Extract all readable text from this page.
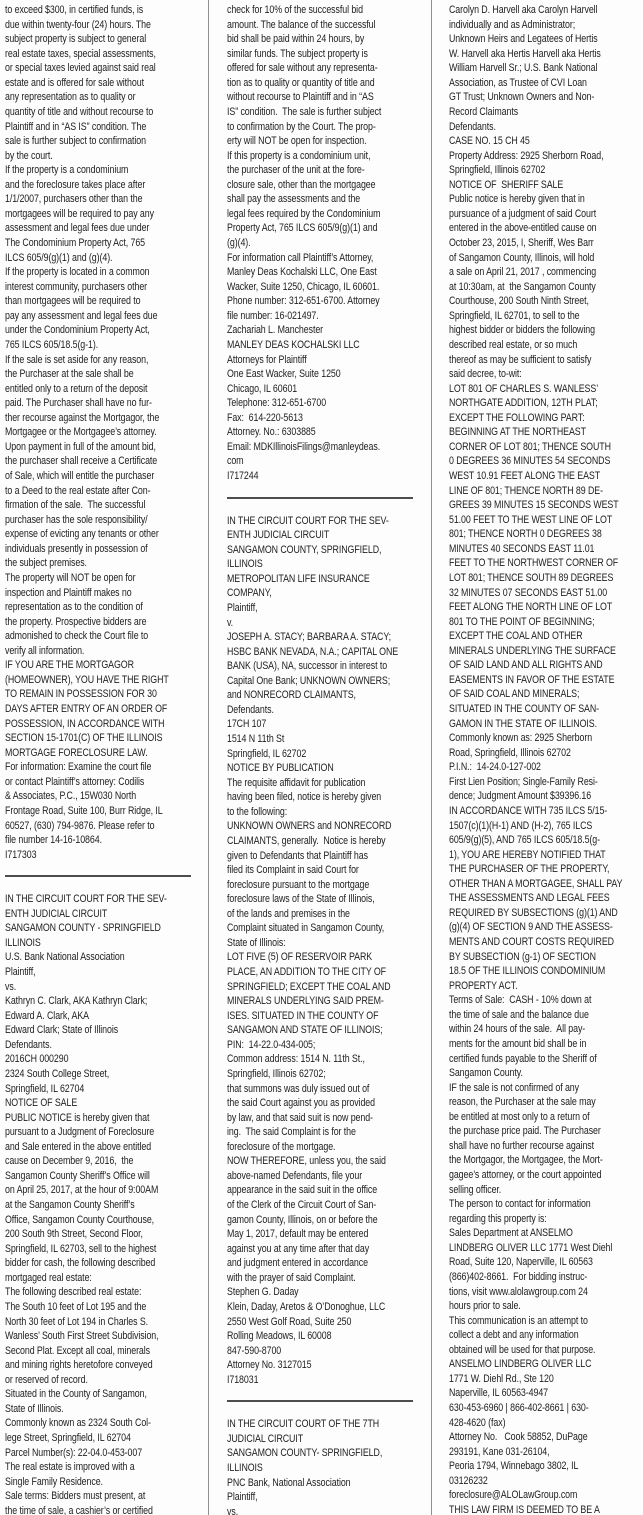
to exceed $300, in certified funds, is
due within twenty-four (24) hours. The
subject property is subject to general
real estate taxes, special assessments,
or special taxes levied against said real
estate and is offered for sale without
any representation as to quality or
quantity of title and without recourse to
Plaintiff and in “AS IS” condition. The
sale is further subject to confirmation
by the court.
If the property is a condominium
and the foreclosure takes place after
1/1/2007, purchasers other than the
mortgagees will be required to pay any
assessment and legal fees due under
The Condominium Property Act, 765
ILCS 605/9(g)(1) and (g)(4).
If the property is located in a common
interest community, purchasers other
than mortgagees will be required to
pay any assessment and legal fees due
under the Condominium Property Act,
765 ILCS 605/18.5(g-1).
If the sale is set aside for any reason,
the Purchaser at the sale shall be
entitled only to a return of the deposit
paid. The Purchaser shall have no fur-
ther recourse against the Mortgagor, the
Mortgagee or the Mortgagee’s attorney.
Upon payment in full of the amount bid,
the purchaser shall receive a Certificate
of Sale, which will entitle the purchaser
to a Deed to the real estate after Con-
firmation of the sale.  The successful
purchaser has the sole responsibility/
expense of evicting any tenants or other
individuals presently in possession of
the subject premises.
The property will NOT be open for
inspection and Plaintiff makes no
representation as to the condition of
the property. Prospective bidders are
admonished to check the Court file to
verify all information.
IF YOU ARE THE MORTGAGOR
(HOMEOWNER), YOU HAVE THE RIGHT
TO REMAIN IN POSSESSION FOR 30
DAYS AFTER ENTRY OF AN ORDER OF
POSSESSION, IN ACCORDANCE WITH
SECTION 15-1701(C) OF THE ILLINOIS
MORTGAGE FORECLOSURE LAW.
For information: Examine the court file
or contact Plaintiff’s attorney: Codilis
& Associates, P.C., 15W030 North
Frontage Road, Suite 100, Burr Ridge, IL
60527, (630) 794-9876. Please refer to
file number 14-16-10864.
I717303
IN THE CIRCUIT COURT FOR THE SEV-
ENTH JUDICIAL CIRCUIT
SANGAMON COUNTY - SPRINGFIELD
ILLINOIS
U.S. Bank National Association
Plaintiff,
vs.
Kathryn C. Clark, AKA Kathryn Clark;
Edward A. Clark, AKA
Edward Clark; State of Illinois
Defendants.
2016CH 000290
2324 South College Street,
Springfield, IL 62704
NOTICE OF SALE
PUBLIC NOTICE is hereby given that
pursuant to a Judgment of Foreclosure
and Sale entered in the above entitled
cause on December 9, 2016,  the
Sangamon County Sheriff’s Office will
on April 25, 2017, at the hour of 9:00AM
at the Sangamon County Sheriff’s
Office, Sangamon County Courthouse,
200 South 9th Street, Second Floor,
Springfield, IL 62703, sell to the highest
bidder for cash, the following described
mortgaged real estate:
The following described real estate:
The South 10 feet of Lot 195 and the
North 30 feet of Lot 194 in Charles S.
Wanless’ South First Street Subdivision,
Second Plat. Except all coal, minerals
and mining rights heretofore conveyed
or reserved of record.
Situated in the County of Sangamon,
State of Illinois.
Commonly known as 2324 South Col-
lege Street, Springfield, IL 62704
Parcel Number(s): 22-04.0-453-007
The real estate is improved with a
Single Family Residence.
Sale terms: Bidders must present, at
the time of sale, a cashier’s or certified
check for 10% of the successful bid
amount. The balance of the successful
bid shall be paid within 24 hours, by
similar funds. The subject property is
offered for sale without any representa-
tion as to quality or quantity of title and
without recourse to Plaintiff and in “AS
IS” condition.  The sale is further subject
to confirmation by the Court. The prop-
erty will NOT be open for inspection.
If this property is a condominium unit,
the purchaser of the unit at the fore-
closure sale, other than the mortgagee
shall pay the assessments and the
legal fees required by the Condominium
Property Act, 765 ILCS 605/9(g)(1) and
(g)(4).
For information call Plaintiff’s Attorney,
Manley Deas Kochalski LLC, One East
Wacker, Suite 1250, Chicago, IL 60601.
Phone number: 312-651-6700. Attorney
file number: 16-021497.
Zachariah L. Manchester
MANLEY DEAS KOCHALSKI LLC
Attorneys for Plaintiff
One East Wacker, Suite 1250
Chicago, IL 60601
Telephone: 312-651-6700
Fax:  614-220-5613
Attorney. No.: 6303885
Email: MDKIllinoisFilings@manleydeas.
com
I717244
IN THE CIRCUIT COURT FOR THE SEV-
ENTH JUDICIAL CIRCUIT
SANGAMON COUNTY, SPRINGFIELD,
ILLINOIS
METROPOLITAN LIFE INSURANCE
COMPANY,
Plaintiff,
v.
JOSEPH A. STACY; BARBARA A. STACY;
HSBC BANK NEVADA, N.A.; CAPITAL ONE
BANK (USA), NA, successor in interest to
Capital One Bank; UNKNOWN OWNERS;
and NONRECORD CLAIMANTS,
Defendants.
17CH 107
1514 N 11th St
Springfield, IL 62702
NOTICE BY PUBLICATION
The requisite affidavit for publication
having been filed, notice is hereby given
to the following:
UNKNOWN OWNERS and NONRECORD
CLAIMANTS, generally.  Notice is hereby
given to Defendants that Plaintiff has
filed its Complaint in said Court for
foreclosure pursuant to the mortgage
foreclosure laws of the State of Illinois,
of the lands and premises in the
Complaint situated in Sangamon County,
State of Illinois:
LOT FIVE (5) OF RESERVOIR PARK
PLACE, AN ADDITION TO THE CITY OF
SPRINGFIELD; EXCEPT THE COAL AND
MINERALS UNDERLYING SAID PREM-
ISES. SITUATED IN THE COUNTY OF
SANGAMON AND STATE OF ILLINOIS;
PIN:  14-22.0-434-005;
Common address: 1514 N. 11th St.,
Springfield, Illinois 62702;
that summons was duly issued out of
the said Court against you as provided
by law, and that said suit is now pend-
ing.  The said Complaint is for the
foreclosure of the mortgage.
NOW THEREFORE, unless you, the said
above-named Defendants, file your
appearance in the said suit in the office
of the Clerk of the Circuit Court of San-
gamon County, Illinois, on or before the
May 1, 2017, default may be entered
against you at any time after that day
and judgment entered in accordance
with the prayer of said Complaint.
Stephen G. Daday
Klein, Daday, Aretos & O’Donoghue, LLC
2550 West Golf Road, Suite 250
Rolling Meadows, IL 60008
847-590-8700
Attorney No. 3127015
I718031
IN THE CIRCUIT COURT OF THE 7TH
JUDICIAL CIRCUIT
SANGAMON COUNTY- SPRINGFIELD,
ILLINOIS
PNC Bank, National Association
Plaintiff,
vs.
Carolyn D. Harvell aka Carolyn Harvell
individually and as Administrator;
Unknown Heirs and Legatees of Hertis
W. Harvell aka Hertis Harvell aka Hertis
William Harvell Sr.; U.S. Bank National
Association, as Trustee of CVI Loan
GT Trust; Unknown Owners and Non-
Record Claimants
Defendants.
CASE NO. 15 CH 45
Property Address: 2925 Sherborn Road,
Springfield, Illinois 62702
NOTICE OF  SHERIFF SALE
Public notice is hereby given that in
pursuance of a judgment of said Court
entered in the above-entitled cause on
October 23, 2015, I, Sheriff, Wes Barr
of Sangamon County, Illinois, will hold
a sale on April 21, 2017 , commencing
at 10:30am, at  the Sangamon County
Courthouse, 200 South Ninth Street,
Springfield, IL 62701, to sell to the
highest bidder or bidders the following
described real estate, or so much
thereof as may be sufficient to satisfy
said decree, to-wit:
LOT 801 OF CHARLES S. WANLESS’
NORTHGATE ADDITION, 12TH PLAT;
EXCEPT THE FOLLOWING PART:
BEGINNING AT THE NORTHEAST
CORNER OF LOT 801; THENCE SOUTH
0 DEGREES 36 MINUTES 54 SECONDS
WEST 10.91 FEET ALONG THE EAST
LINE OF 801; THENCE NORTH 89 DE-
GREES 39 MINUTES 15 SECONDS WEST
51.00 FEET TO THE WEST LINE OF LOT
801; THENCE NORTH 0 DEGREES 38
MINUTES 40 SECONDS EAST 11.01
FEET TO THE NORTHWEST CORNER OF
LOT 801; THENCE SOUTH 89 DEGREES
32 MINUTES 07 SECONDS EAST 51.00
FEET ALONG THE NORTH LINE OF LOT
801 TO THE POINT OF BEGINNING;
EXCEPT THE COAL AND OTHER
MINERALS UNDERLYING THE SURFACE
OF SAID LAND AND ALL RIGHTS AND
EASEMENTS IN FAVOR OF THE ESTATE
OF SAID COAL AND MINERALS;
SITUATED IN THE COUNTY OF SAN-
GAMON IN THE STATE OF ILLINOIS.
Commonly known as: 2925 Sherborn
Road, Springfield, Illinois 62702
P.I.N.:  14-24.0-127-002
First Lien Position; Single-Family Resi-
dence; Judgment Amount $39396.16
IN ACCORDANCE WITH 735 ILCS 5/15-
1507(c)(1)(H-1) AND (H-2), 765 ILCS
605/9(g)(5), AND 765 ILCS 605/18.5(g-
1), YOU ARE HEREBY NOTIFIED THAT
THE PURCHASER OF THE PROPERTY,
OTHER THAN A MORTGAGEE, SHALL PAY
THE ASSESSMENTS AND LEGAL FEES
REQUIRED BY SUBSECTIONS (g)(1) AND
(g)(4) OF SECTION 9 AND THE ASSESS-
MENTS AND COURT COSTS REQUIRED
BY SUBSECTION (g-1) OF SECTION
18.5 OF THE ILLINOIS CONDOMINIUM
PROPERTY ACT.
Terms of Sale:  CASH - 10% down at
the time of sale and the balance due
within 24 hours of the sale.  All pay-
ments for the amount bid shall be in
certified funds payable to the Sheriff of
Sangamon County.
IF the sale is not confirmed of any
reason, the Purchaser at the sale may
be entitled at most only to a return of
the purchase price paid. The Purchaser
shall have no further recourse against
the Mortgagor, the Mortgagee, the Mort-
gagee’s attorney, or the court appointed
selling officer.
The person to contact for information
regarding this property is:
Sales Department at ANSELMO
LINDBERG OLIVER LLC 1771 West Diehl
Road, Suite 120, Naperville, IL 60563
(866)402-8661.  For bidding instruc-
tions, visit www.alolawgroup.com 24
hours prior to sale.
This communication is an attempt to
collect a debt and any information
obtained will be used for that purpose.
ANSELMO LINDBERG OLIVER LLC
1771 W. Diehl Rd., Ste 120
Naperville, IL 60563-4947
630-453-6960 | 866-402-8661 | 630-
428-4620 (fax)
Attorney No.   Cook 58852, DuPage
293191, Kane 031-26104,
Peoria 1794, Winnebago 3802, IL
03126232
foreclosure@ALOLawGroup.com
THIS LAW FIRM IS DEEMED TO BE A
